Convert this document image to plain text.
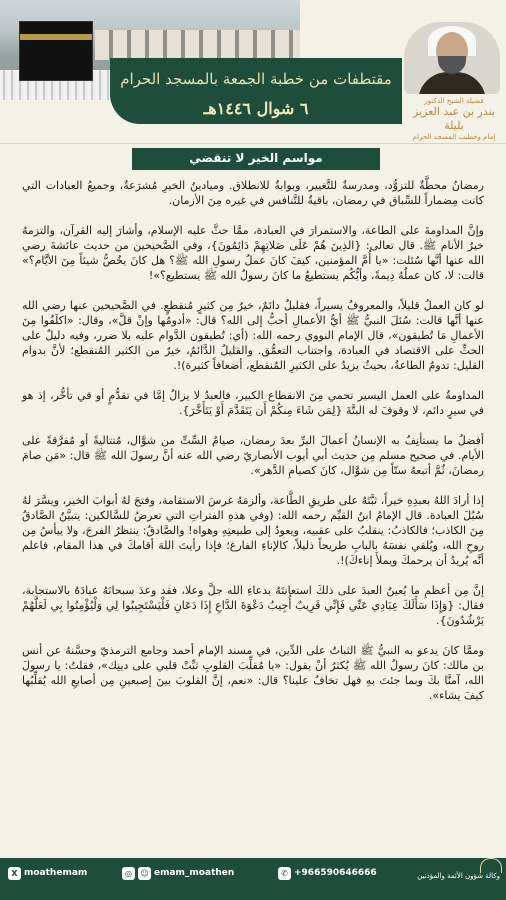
مقتطفات من خطبة الجمعة بالمسجد الحرام
٦ شوال ١٤٤٦هـ	فضيلة الشيخ الدكتور
بندر بن عبد العزيز بليلة
إمام وخطيب المسجد الحرام
مواسم الخير لا تنقضي

رمضانُ محطَّةٌ للتزوُّد، ومدرسةٌ للتَّغيير، وبوابةٌ للانطلاق. وميادينُ الخيرِ مُشرَعةٌ، وجميعُ العبادات التي كانت مِضماراً للسِّباق في رمضان، باقيةٌ للتَّنافس في غيره مِنَ الأزمان.

وإنَّ المداومةَ على الطاعة، والاستمرارَ في العبادة، ممَّا حثَّ عليه الإسلام، وأشارَ إليه القرآن، والتزمهُ خيرُ الأنام ﷺ. قال تعالى: {الذِينَ هُمْ عَلَى صَلاتِهِمْ دَائِمُونَ}، وفي الصَّحيحين من حديث عائشةَ رضي الله عنها أنَّها سُئلت: «يا أُمَّ المؤمنين، كيفَ كانَ عملُ رسولِ الله ﷺ؟ هل كانَ يخُصُّ شيئاً مِنَ الأيَّام؟» قالت: لا، كان عملُهُ دِيمةً، وأيُّكُم يستطيعُ ما كانَ رسولُ الله ﷺ يستطيع؟»!

لو كان العملُ قليلاً، والمعروفُ يسيراً، فقليلٌ دائمٌ، خيرٌ مِن كثيرٍ مُنقطعٍ. في الصَّحيحين عنها رضي الله عنها أنَّها قالت: سُئلَ النبيُّ ﷺ أيُّ الأعمالِ أحبُّ إلى الله؟ قال: «أدومُها وإنْ قلَّ»، وقال: «اكلَفُوا مِنَ الأعمالِ مَا تُطيقون»، قال الإمام النووي رحمه الله: (أي: تُطيقون الدَّوام عليه بلا ضرر، وفيه دليلٌ على الحثِّ على الاقتصاد في العبادة، واجتناب التعمُّق. والقليلُ الدَّائمُ، خيرٌ من الكثير المُنقطع؛ لأنَّ بدوام القليل: تدومُ الطاعةُ، بحيثُ يزيدُ على الكثيرِ المُنقطع، أضعافاً كثيرة)!.

المداومةُ على العمل اليسير تحمي مِنَ الانقطاع الكبير، فالعبدُ لا يزالُ إمَّا في تقدُّمٍ أو في تأخُّر، إذ هو في سيرٍ دائم، لا وقوفَ له البتَّةَ {لِمَن شَاءَ مِنكُمْ أَن يَتَقَدَّمَ أَوْ يَتَأَخَّرَ}.

أفضلُ ما يستأنِفُ به الإنسانُ أعمالَ البرِّ بعدَ رمضان، صيامُ السِّتِّ من شوَّال، مُتتاليةً أو مُفرَّقةً على الأيام. في صحيح مسلم مِن حديث أبي أيوب الأنصاريّ رضي الله عنه أنَّ رسولَ الله ﷺ قال: «مَن صامَ رمضانَ، ثُمَّ أتبعهُ ستّاً مِن شوَّال، كانَ كصيامِ الدَّهر».

إذا أرادَ اللهُ بعبدِهِ خيراً، ثبَّتَهُ على طريقِ الطَّاعة، وألزمَهُ غرسَ الاستقامة، وفتحَ لهُ أبوابَ الخير، ويسَّرَ لهُ سُبُلَ العبادة. قال الإمامُ ابنُ القيِّم رحمه الله: (وفي هذهِ الفتراتِ التي تعرضُ للسَّالكين: يتبيَّنُ الصَّادقُ مِنَ الكاذب؛ فالكاذبُ: ينقلبُ على عقبيه، ويعودُ إلى طبيعتِهِ وهواه! والصَّادقُ: ينتظرُ الفرجَ، ولا ييأسُ مِن روحِ الله، ويُلقي نفسَهُ بالبابِ طريحاً ذليلاً، كالإناءِ الفارغ؛ فإذا رأيتَ اللهَ أقامكَ في هذا المقام، فاعلم أنَّه يُريدُ أن يرحمكَ ويملأَ إناءكَ)!.

إنَّ مِن أعظمِ ما يُعينُ العبدَ على ذلكَ استعانتَهُ بدعاءِ الله جلَّ وعلا، فقد وعدَ سبحانَهُ عبادَهُ بالاستجابة، فقال: {وَإِذَا سَأَلَكَ عِبَادِي عَنِّي فَإِنِّي قَرِيبٌ أُجِيبُ دَعْوَةَ الدَّاعِ إِذَا دَعَانِ فَلْيَسْتَجِيبُوا لِي وَلْيُؤْمِنُوا بِي لَعَلَّهُمْ يَرْشُدُونَ}.

وممَّا كانَ يدعو به النبيُّ ﷺ الثباتُ على الدِّين، في مسند الإمام أحمد وجامع الترمذيّ وحسَّنهُ عن أنس بن مالك: كانَ رسولُ الله ﷺ يُكثرُ أنْ يقول: «يا مُقلِّبَ القلوبِ ثبِّتْ قلبي على دينِك»، فقلتُ: يا رسولَ الله، آمنَّا بكَ وبما جئتَ بهِ فهل تخافُ علينا؟ قال: «نعم، إنَّ القلوبَ بينَ إصبعينِ مِن أصابعِ الله يُقلِّبُها كيفَ يشاء».

X moathemam	◎	☺ emam_moathen	✆ +966590646666	وكالة شؤون الأئمة والمؤذنين
